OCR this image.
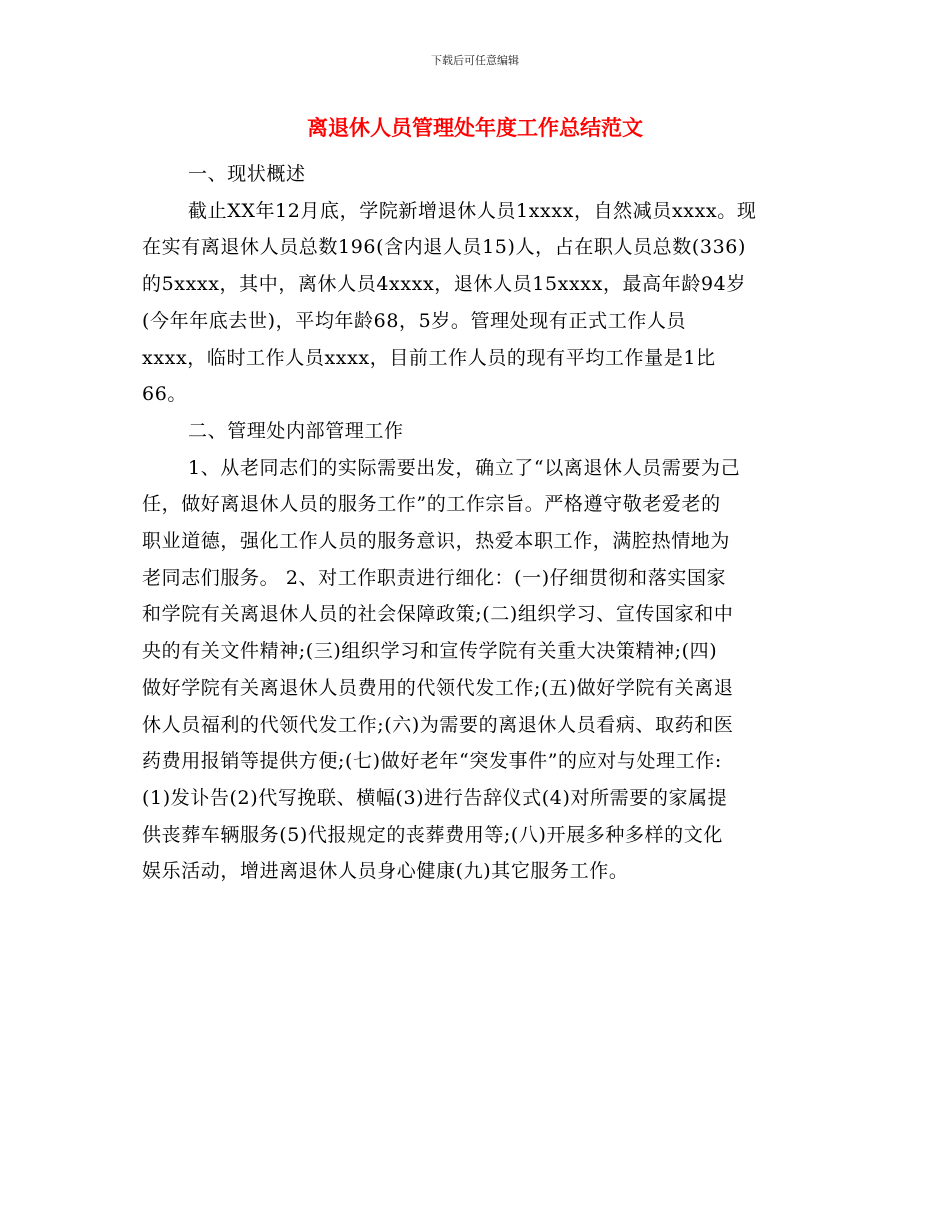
下载后可任意编辑
离退休人员管理处年度工作总结范文

一、现状概述

截止XX年12月底，学院新增退休人员1xxxx，自然减员xxxx。现
在实有离退休人员总数196(含内退人员15)人，占在职人员总数(336)
的5xxxx，其中，离休人员4xxxx，退休人员15xxxx，最高年龄94岁
(今年年底去世)，平均年龄68，5岁。管理处现有正式工作人员
xxxx，临时工作人员xxxx，目前工作人员的现有平均工作量是1比
66。

二、管理处内部管理工作

1、从老同志们的实际需要出发，确立了“以离退休人员需要为己
任，做好离退休人员的服务工作”的工作宗旨。严格遵守敬老爱老的
职业道德，强化工作人员的服务意识，热爱本职工作，满腔热情地为
老同志们服务。 2、对工作职责进行细化：(一)仔细贯彻和落实国家
和学院有关离退休人员的社会保障政策;(二)组织学习、宣传国家和中
央的有关文件精神;(三)组织学习和宣传学院有关重大决策精神;(四)
做好学院有关离退休人员费用的代领代发工作;(五)做好学院有关离退
休人员福利的代领代发工作;(六)为需要的离退休人员看病、取药和医
药费用报销等提供方便;(七)做好老年“突发事件”的应对与处理工作:
(1)发讣告(2)代写挽联、横幅(3)进行告辞仪式(4)对所需要的家属提
供丧葬车辆服务(5)代报规定的丧葬费用等;(八)开展多种多样的文化
娱乐活动，增进离退休人员身心健康(九)其它服务工作。
